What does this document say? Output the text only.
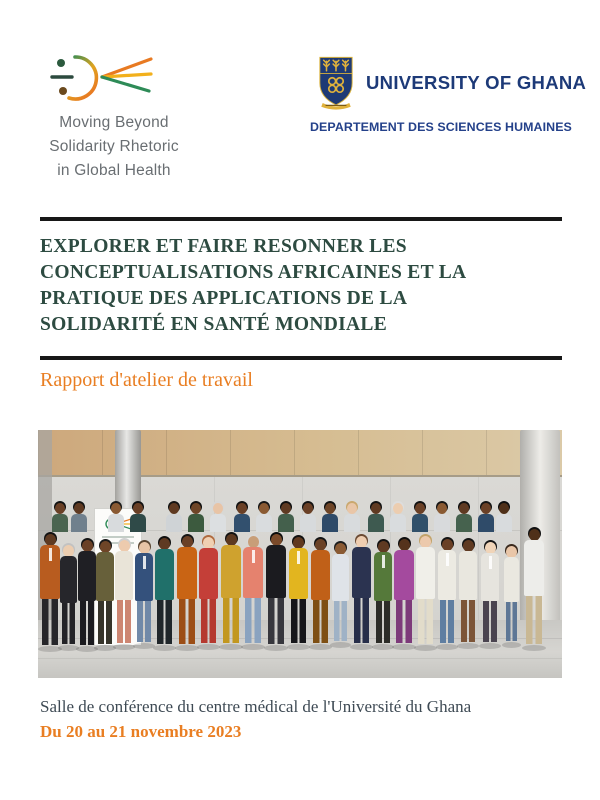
Moving Beyond
Solidarity Rhetoric
in Global Health
UNIVERSITY OF GHANA
DEPARTEMENT DES SCIENCES HUMAINES
EXPLORER ET FAIRE RESONNER LES
CONCEPTUALISATIONS AFRICAINES ET LA
PRATIQUE DES APPLICATIONS DE LA
SOLIDARITÉ EN SANTÉ MONDIALE
Rapport d'atelier de travail
Salle de conférence du centre médical de l'Université du Ghana
Du 20 au 21 novembre 2023
